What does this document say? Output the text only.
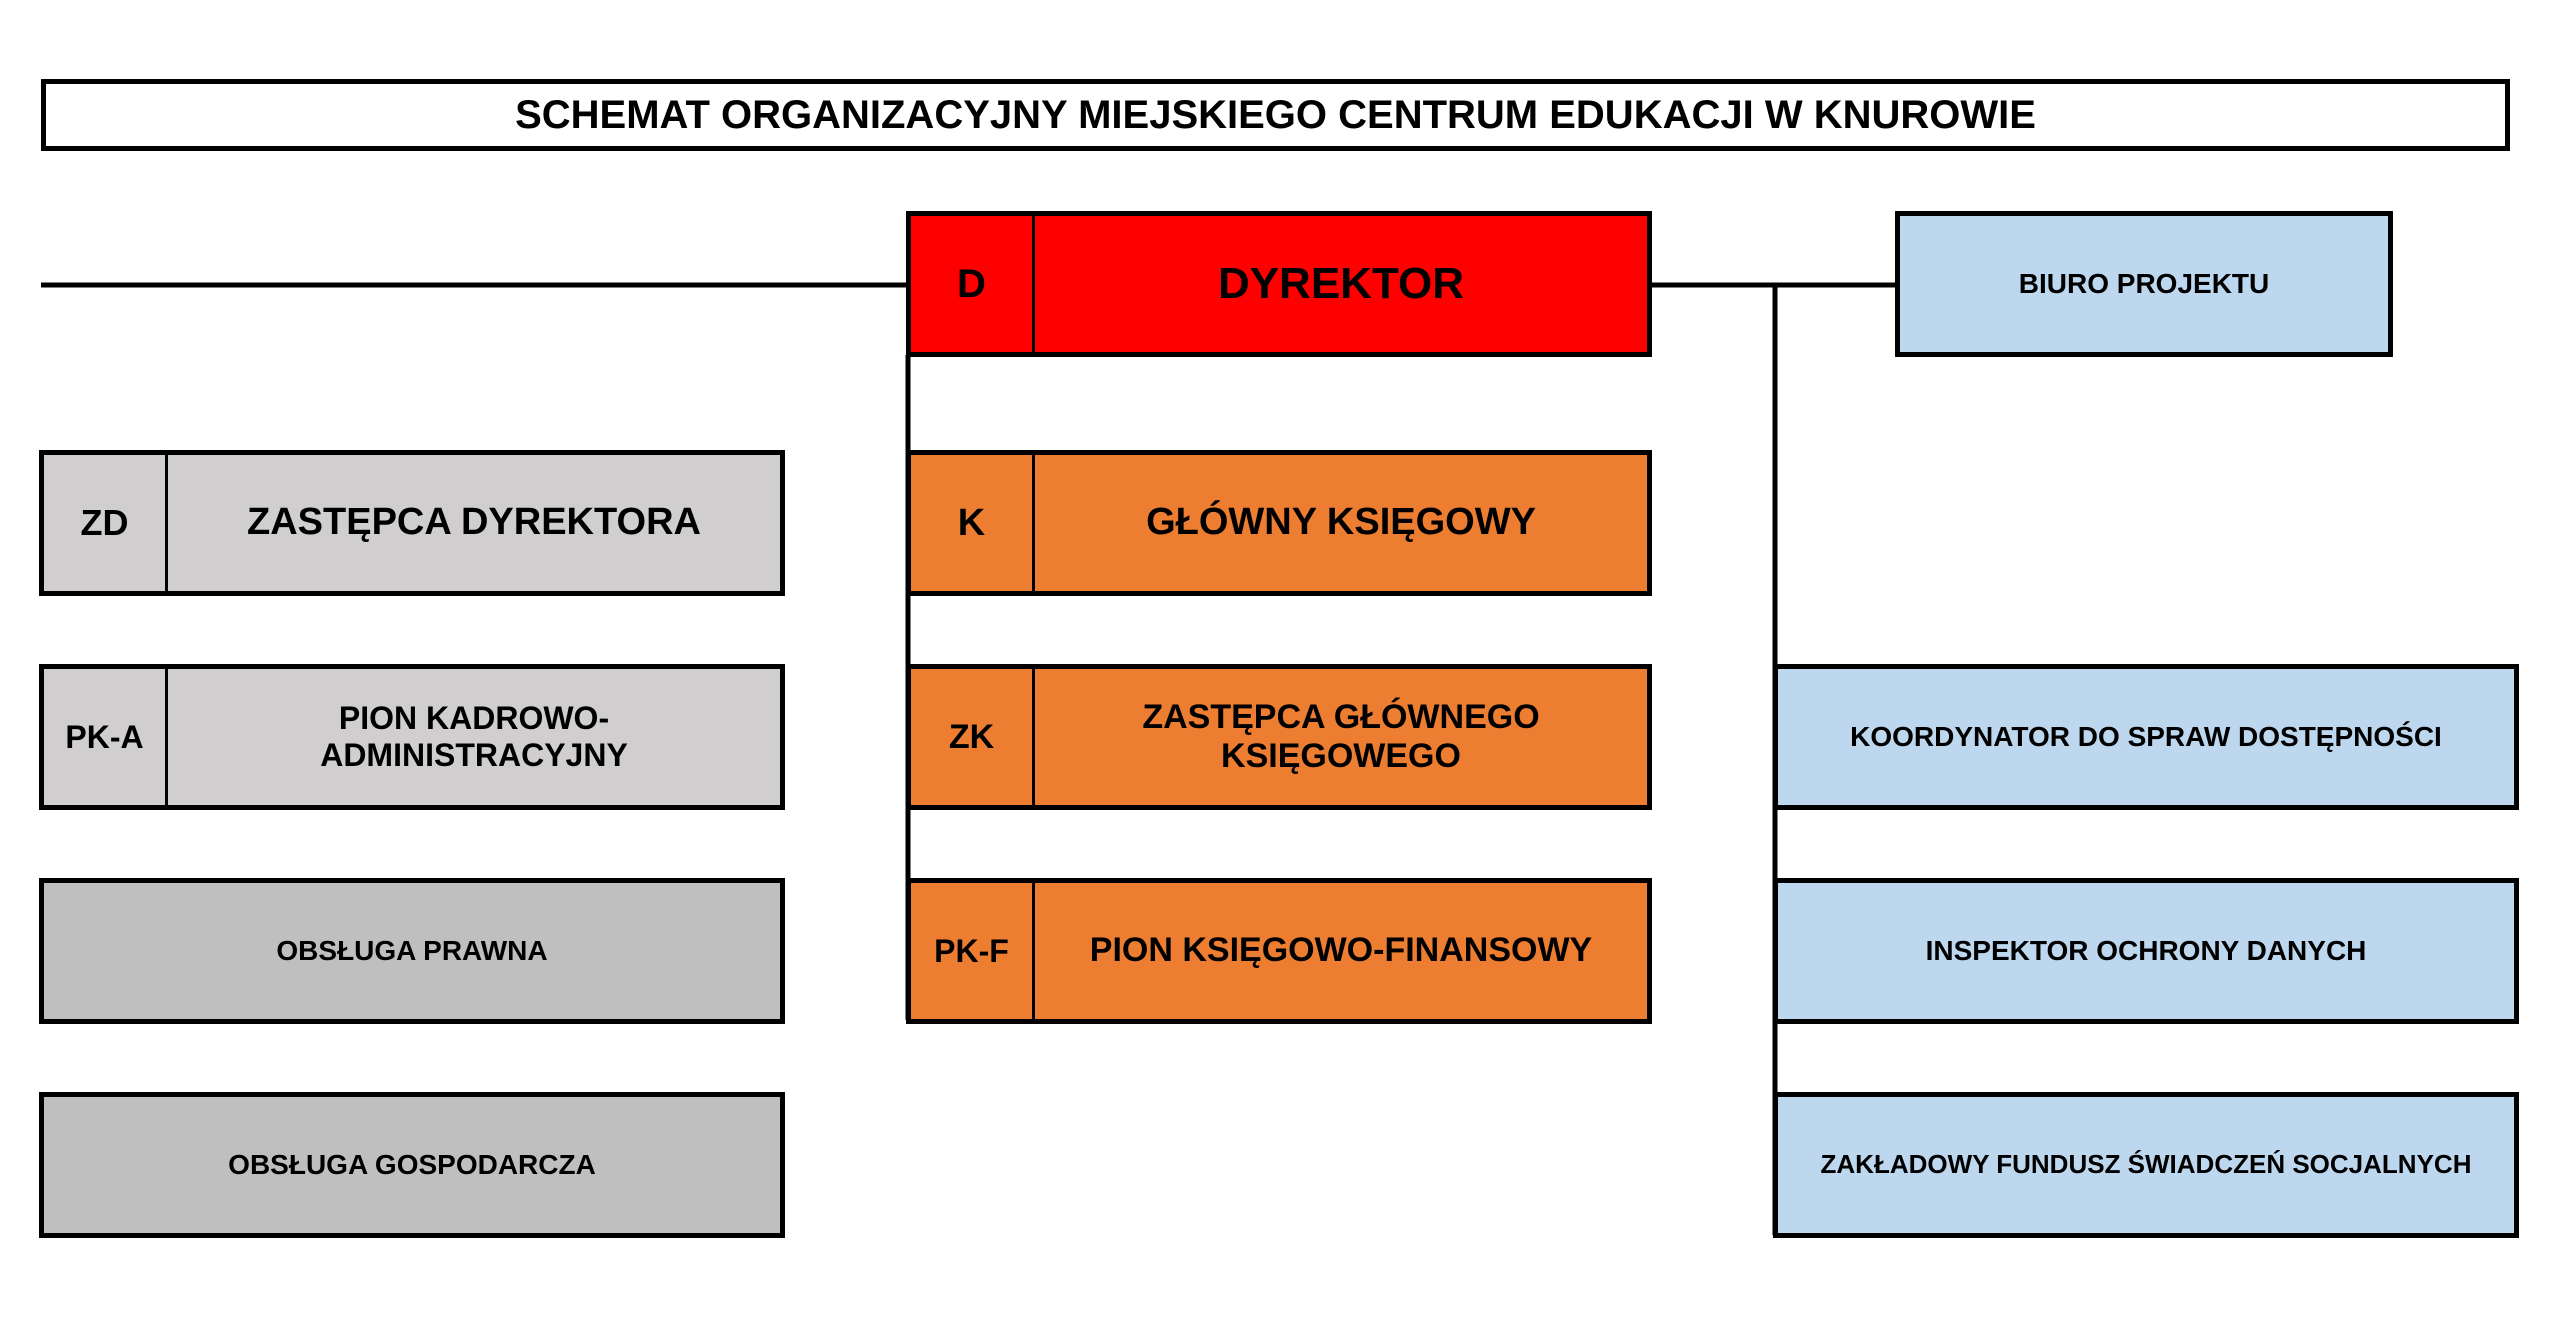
SCHEMAT ORGANIZACYJNY MIEJSKIEGO CENTRUM EDUKACJI W KNUROWIE
D	DYREKTOR
K	GŁÓWNY KSIĘGOWY
ZK
ZASTĘPCA GŁÓWNEGO KSIĘGOWEGO
PK-F	PION KSIĘGOWO-FINANSOWY
ZD	ZASTĘPCA DYREKTORA
PK-A
PION KADROWO-ADMINISTRACYJNY
OBSŁUGA PRAWNA
OBSŁUGA GOSPODARCZA
BIURO PROJEKTU
KOORDYNATOR DO SPRAW DOSTĘPNOŚCI
INSPEKTOR OCHRONY DANYCH
ZAKŁADOWY FUNDUSZ ŚWIADCZEŃ SOCJALNYCH
